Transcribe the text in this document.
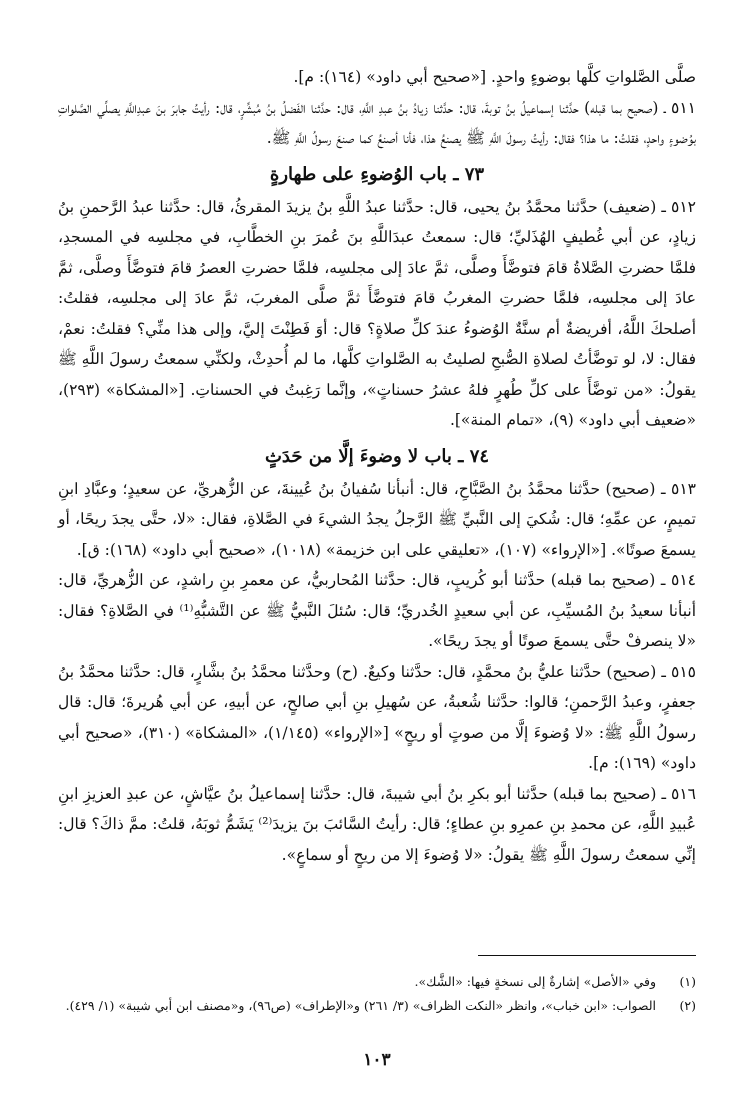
صلَّى الصَّلواتِ كلَّها بوضوءٍ واحدٍ. [«صحيح أبي داود» (١٦٤): م].

٥١١ ـ (صحيح بما قبله) حدَّثنا إسماعيلُ بنُ توبةَ، قال: حدَّثنا زيادُ بنُ عبدِ اللَّهِ، قال: حدَّثنا الفَضلُ بنُ مُبشِّرٍ، قال: رأيتُ جابرَ بنَ عبدِاللَّهِ يصلِّي الصَّلواتِ بوُضوءٍ واحدٍ، فقلتُ: ما هذا؟ فقال: رأيتُ رسولَ اللَّهِ ﷺ يصنعُ هذا، فأنا أصنعُ كما صنعَ رسولُ اللَّهِ ﷺ.

٧٣ ـ باب الوُضوءِ على طهارةٍ

٥١٢ ـ (ضعيف) حدَّثنا محمَّدُ بنُ يحيى، قال: حدَّثنا عبدُ اللَّهِ بنُ يزيدَ المقرئُ، قال: حدَّثنا عبدُ الرَّحمنِ بنُ زيادٍ، عن أبي غُطيفٍ الهُذَليِّ؛ قال: سمعتُ عبدَاللَّهِ بنَ عُمرَ بنِ الخطَّابِ، في مجلسِه في المسجدِ، فلمَّا حضرتِ الصَّلاةُ قامَ فتوضَّأَ وصلَّى، ثمَّ عادَ إلى مجلسِه، فلمَّا حضرتِ العصرُ قامَ فتوضَّأَ وصلَّى، ثمَّ عادَ إلى مجلسِه، فلمَّا حضرتِ المغربُ قامَ فتوضَّأَ ثمَّ صلَّى المغربَ، ثمَّ عادَ إلى مجلسِه، فقلتُ: أصلحكَ اللَّهُ، أفريضةٌ أم سنَّةٌ الوُضوءُ عندَ كلِّ صلاةٍ؟ قال: أوَ فَطِنْتَ إليَّ، وإلى هذا منِّي؟ فقلتُ: نعمْ، فقال: لا، لو توضَّأتُ لصلاةِ الصُّبحِ لصليتُ به الصَّلواتِ كلَّها، ما لم أُحدِثْ، ولكنِّي سمعتُ رسولَ اللَّهِ ﷺ يقولُ: «من توضَّأَ على كلِّ طُهرٍ فلهُ عشرُ حسناتٍ»، وإنَّما رَغِبتُ في الحسناتِ. [«المشكاة» (٢٩٣)، «ضعيف أبي داود» (٩)، «تمام المنة»].

٧٤ ـ باب لا وضوءَ إلَّا من حَدَثٍ

٥١٣ ـ (صحيح) حدَّثنا محمَّدُ بنُ الصَّبَّاحِ، قال: أنبأنا سُفيانُ بنُ عُيينةَ، عن الزُّهريِّ، عن سعيدٍ؛ وعبَّادِ ابنِ تميمٍ، عن عمِّهِ؛ قال: شُكيَ إلى النَّبيِّ ﷺ الرَّجلُ يجدُ الشيءَ في الصَّلاةِ، فقال: «لا، حتَّى يجدَ ريحًا، أو يسمعَ صوتًا». [«الإرواء» (١٠٧)، «تعليقي على ابن خزيمة» (١٠١٨)، «صحيح أبي داود» (١٦٨): ق].

٥١٤ ـ (صحيح بما قبله) حدَّثنا أبو كُريبٍ، قال: حدَّثنا المُحاربيُّ، عن معمرِ بنِ راشدٍ، عن الزُّهريِّ، قال: أنبأنا سعيدُ بنُ المُسيِّبِ، عن أبي سعيدٍ الخُدريِّ؛ قال: سُئلَ النَّبيُّ ﷺ عن التَّشبُّهِ⁽¹⁾ في الصَّلاةِ؟ فقال: «لا ينصرفْ حتَّى يسمعَ صوتًا أو يجدَ ريحًا».

٥١٥ ـ (صحيح) حدَّثنا عليُّ بنُ محمَّدٍ، قال: حدَّثنا وكيعٌ. (ح) وحدَّثنا محمَّدُ بنُ بشَّارٍ، قال: حدَّثنا محمَّدُ بنُ جعفرٍ، وعبدُ الرَّحمنِ؛ قالوا: حدَّثنا شُعبةُ، عن سُهيلِ بنِ أبي صالحٍ، عن أبيهِ، عن أبي هُريرةَ؛ قال: قال رسولُ اللَّهِ ﷺ: «لا وُضوءَ إلَّا من صوتٍ أو ريحٍ» [«الإرواء» (١/١٤٥)، «المشكاة» (٣١٠)، «صحيح أبي داود» (١٦٩): م].

٥١٦ ـ (صحيح بما قبله) حدَّثنا أبو بكرِ بنُ أبي شيبةَ، قال: حدَّثنا إسماعيلُ بنُ عيَّاشٍ، عن عبدِ العزيزِ ابنِ عُبيدِ اللَّهِ، عن محمدِ بنِ عمرِو بنِ عطاءٍ؛ قال: رأيتُ السَّائبَ بنَ يزيدَ⁽²⁾ يَشَمُّ ثوبَهُ، قلتُ: ممَّ ذاكَ؟ قال: إنِّي سمعتُ رسولَ اللَّهِ ﷺ يقولُ: «لا وُضوءَ إلا من ريحٍ أو سماعٍ».

(١) وفي «الأصل» إشارةٌ إلى نسخةٍ فيها: «الشَّك».

(٢) الصواب: «ابن خباب»، وانظر «النكت الظراف» (٣/ ٢٦١) و«الإطراف» (ص٩٦)، و«مصنف ابن أبي شيبة» (١/ ٤٢٩).

١٠٣
